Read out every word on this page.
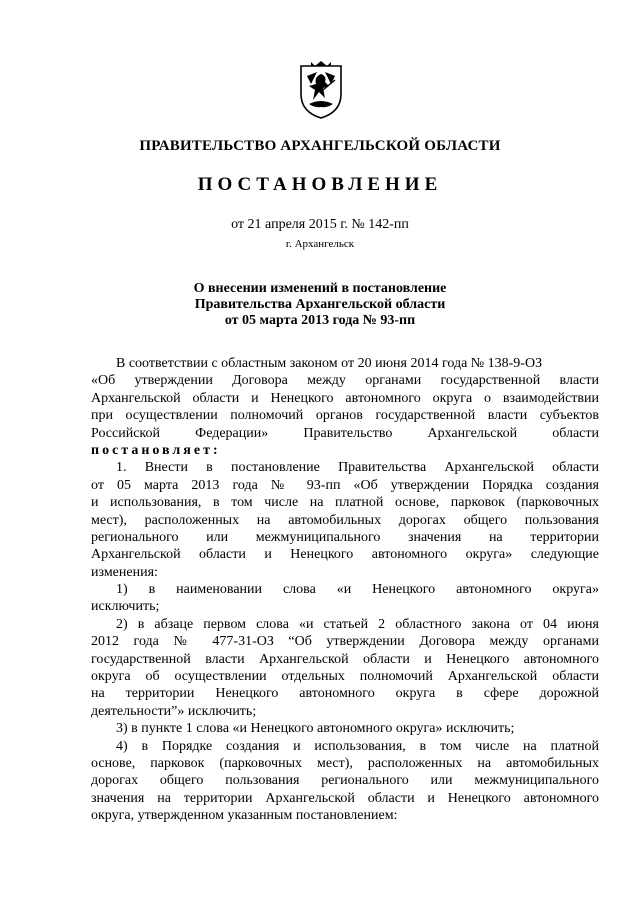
ПРАВИТЕЛЬСТВО АРХАНГЕЛЬСКОЙ ОБЛАСТИ
ПОСТАНОВЛЕНИЕ
от 21 апреля 2015 г. № 142-пп
г. Архангельск
О внесении изменений в постановление
Правительства Архангельской области
от 05 марта 2013 года № 93-пп
В соответствии с областным законом от 20 июня 2014 года № 138-9-ОЗ
«Об утверждении Договора между органами государственной власти
Архангельской области и Ненецкого автономного округа о взаимодействии
при осуществлении полномочий органов государственной власти субъектов
Российской Федерации» Правительство Архангельской области
постановляет:
1. Внести в постановление Правительства Архангельской области
от 05 марта 2013 года № 93-пп «Об утверждении Порядка создания
и использования, в том числе на платной основе, парковок (парковочных
мест), расположенных на автомобильных дорогах общего пользования
регионального или межмуниципального значения на территории
Архангельской области и Ненецкого автономного округа» следующие
изменения:
1) в наименовании слова «и Ненецкого автономного округа»
исключить;
2) в абзаце первом слова «и статьей 2 областного закона от 04 июня
2012 года № 477-31-ОЗ “Об утверждении Договора между органами
государственной власти Архангельской области и Ненецкого автономного
округа об осуществлении отдельных полномочий Архангельской области
на территории Ненецкого автономного округа в сфере дорожной
деятельности”» исключить;
3) в пункте 1 слова «и Ненецкого автономного округа» исключить;
4) в Порядке создания и использования, в том числе на платной
основе, парковок (парковочных мест), расположенных на автомобильных
дорогах общего пользования регионального или межмуниципального
значения на территории Архангельской области и Ненецкого автономного
округа, утвержденном указанным постановлением:
